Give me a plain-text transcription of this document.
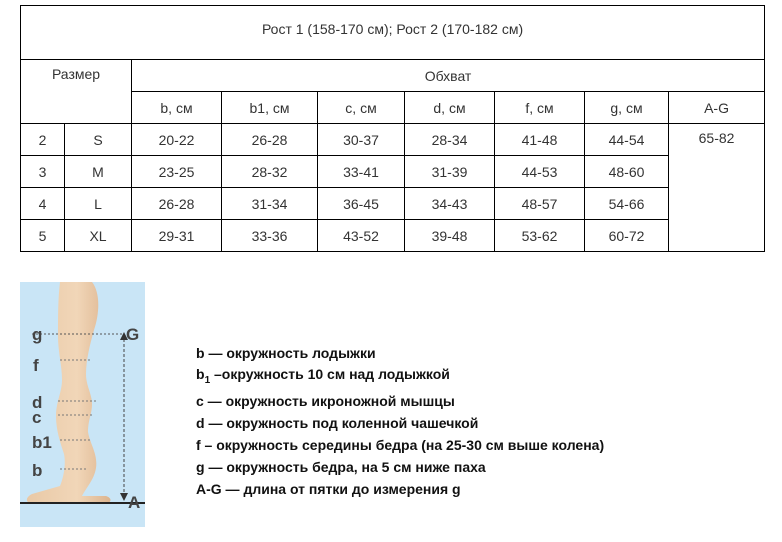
Рост 1 (158-170 см); Рост 2 (170-182 см)								
Размер		Обхват						
		b, см	b1, см	c, см	d, см	f, см	g, см	A-G
2	S	20-22	26-28	30-37	28-34	41-48	44-54	65-82
3	M	23-25	28-32	33-41	31-39	44-53	48-60	
4	L	26-28	31-34	36-45	34-43	48-57	54-66	
5	XL	29-31	33-36	43-52	39-48	53-62	60-72	
g
f
d
c
b1
b
G
A
b — окружность лодыжки
$b_1$ –окружность 10 см над лодыжкой
c — окружность икроножной мышцы
d — окружность под коленной чашечкой
f – окружность середины бедра (на 25-30 см выше колена)
g — окружность бедра, на 5 см ниже паха
A-G — длина от пятки до измерения g
